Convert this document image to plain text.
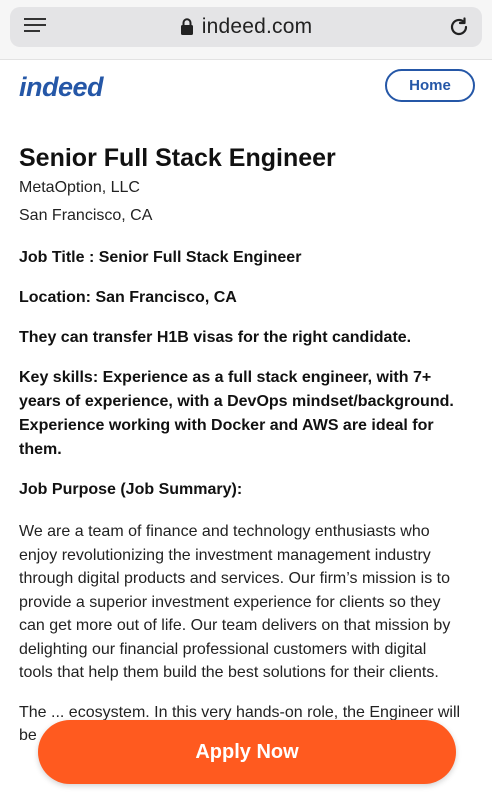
indeed.com
indeed	Home
Senior Full Stack Engineer
MetaOption, LLC
San Francisco, CA
Job Title : Senior Full Stack Engineer
Location: San Francisco, CA
They can transfer H1B visas for the right candidate.
Key skills: Experience as a full stack engineer, with 7+ years of experience, with a DevOps mindset/background. Experience working with Docker and AWS are ideal for them.
Job Purpose (Job Summary):

We are a team of finance and technology enthusiasts who enjoy revolutionizing the investment management industry through digital products and services. Our firm’s mission is to provide a superior investment experience for clients so they can get more out of life. Our team delivers on that mission by delighting our financial professional customers with digital tools that help them build the best solutions for their clients.

The ... ecosystem. In this very hands-on role, the Engineer will be

Apply Now
